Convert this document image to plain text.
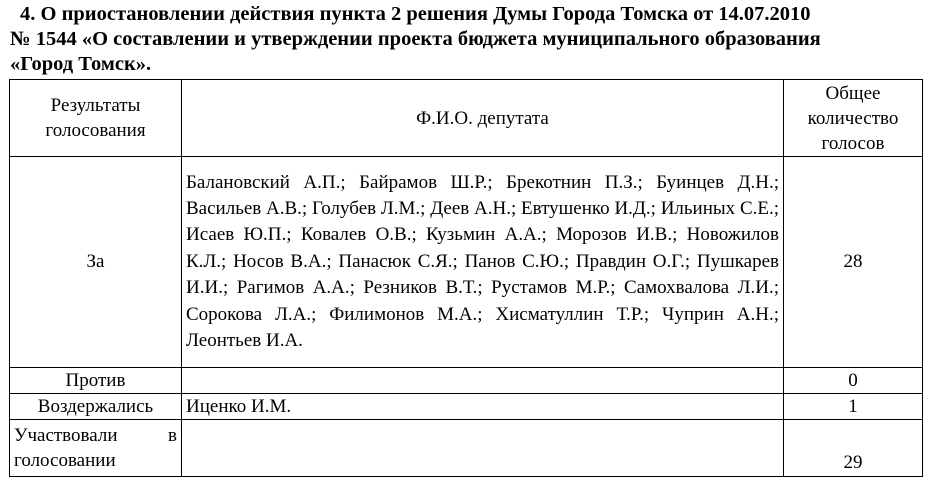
4. О приостановлении действия пункта 2 решения Думы Города Томска от 14.07.2010
№ 1544 «О составлении и утверждении проекта бюджета муниципального образования
«Город Томск».
Результаты голосования	Ф.И.О. депутата	Общее количество голосов
За	Балановский А.П.; Байрамов Ш.Р.; Брекотнин П.З.; Буинцев Д.Н.; Васильев А.В.; Голубев Л.М.; Деев А.Н.; Евтушенко И.Д.; Ильиных С.Е.; Исаев Ю.П.; Ковалев О.В.; Кузьмин А.А.; Морозов И.В.; Новожилов К.Л.; Носов В.А.; Панасюк С.Я.; Панов С.Ю.; Правдин О.Г.; Пушкарев И.И.; Рагимов А.А.; Резников В.Т.; Рустамов М.Р.; Самохвалова Л.И.; Сорокова Л.А.; Филимонов М.А.; Хисматуллин Т.Р.; Чуприн А.Н.; Леонтьев И.А.	28
Против		0
Воздержались	Иценко И.М.	1
Участвовали в голосовании		29
